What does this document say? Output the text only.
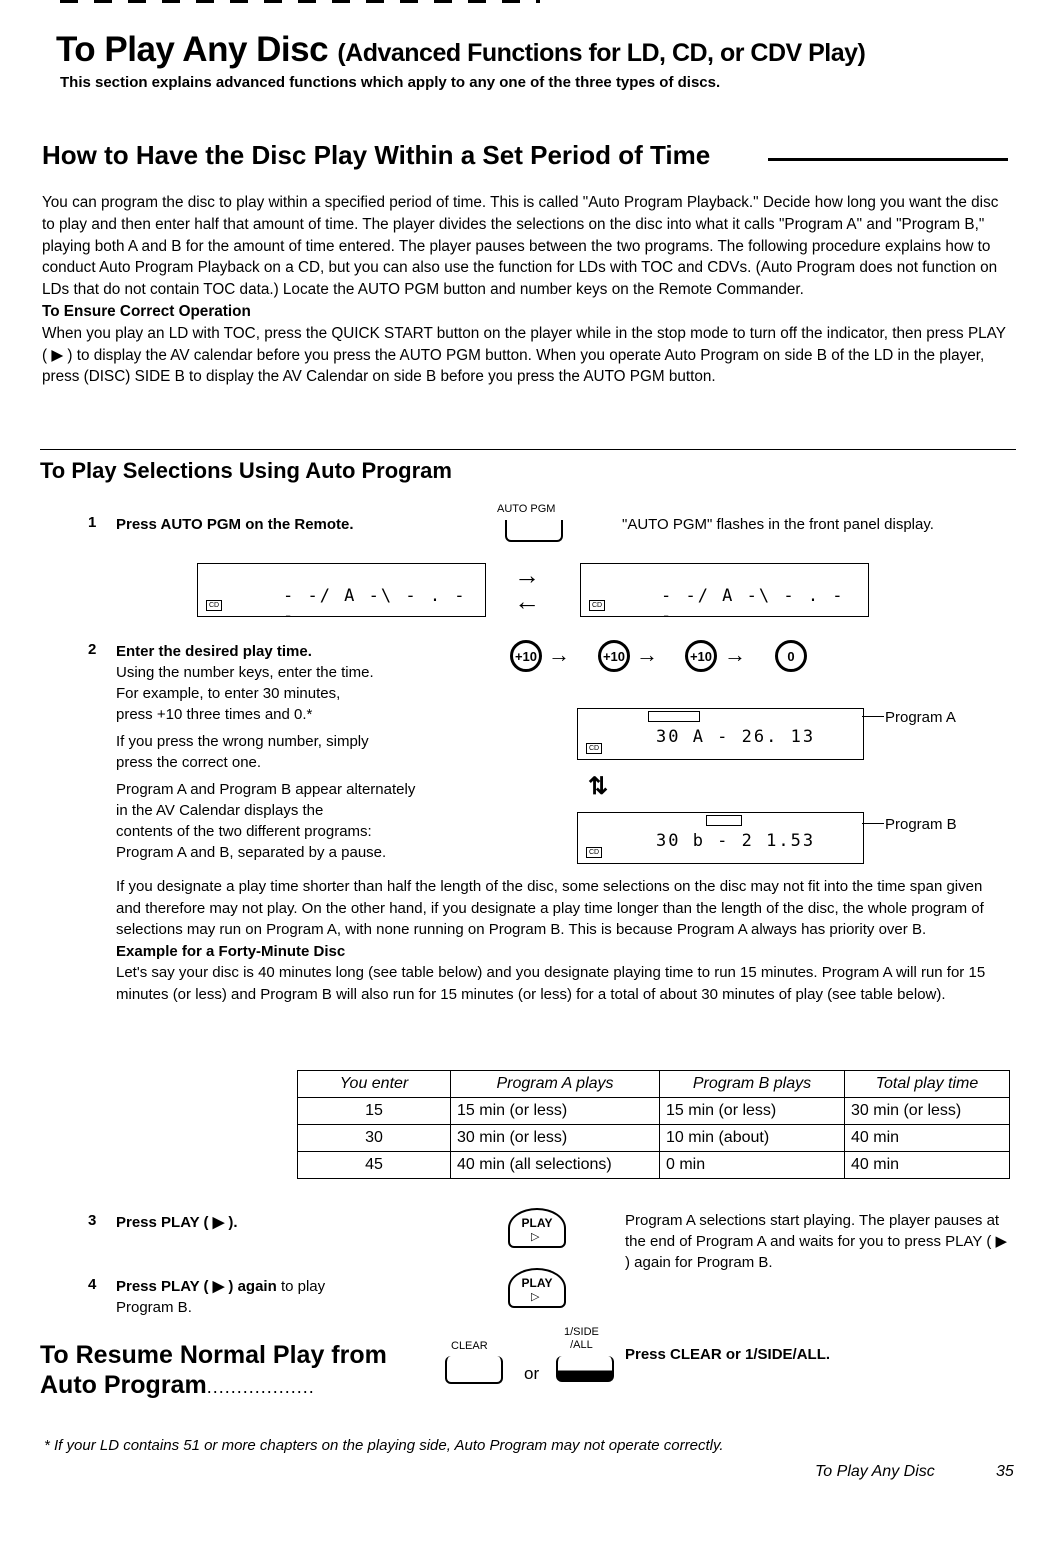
To Play Any Disc (Advanced Functions for LD, CD, or CDV Play)
This section explains advanced functions which apply to any one of the three types of discs.
How to Have the Disc Play Within a Set Period of Time
You can program the disc to play within a specified period of time. This is called "Auto Program Playback." Decide how long you want the disc to play and then enter half that amount of time. The player divides the selections on the disc into what it calls "Program A" and "Program B," playing both A and B for the amount of time entered. The player pauses between the two programs. The following procedure explains how to conduct Auto Program Playback on a CD, but you can also use the function for LDs with TOC and CDVs. (Auto Program does not function on LDs that do not contain TOC data.) Locate the AUTO PGM button and number keys on the Remote Commander.
To Ensure Correct Operation
When you play an LD with TOC, press the QUICK START button on the player while in the stop mode to turn off the indicator, then press PLAY ( ▶ ) to display the AV calendar before you press the AUTO PGM button. When you operate Auto Program on side B of the LD in the player, press (DISC) SIDE B to display the AV Calendar on side B before you press the AUTO PGM button.
To Play Selections Using Auto Program
1 Press AUTO PGM on the Remote.
AUTO PGM
"AUTO PGM" flashes in the front panel display.
- -/ A -\ - . - -
CD
→
←	- -/ A -\ - . - -
CD
2 Enter the desired play time.
Using the number keys, enter the time.
For example, to enter 30 minutes,
press +10 three times and 0.*
If you press the wrong number, simply
press the correct one.
Program A and Program B appear alternately
in the AV Calendar displays the
contents of the two different programs:
Program A and B, separated by a pause.
+10 →	+10 →	+10 →	0
30 A - 26. 13
CD
Program A
⇅
30 b - 2 1.53
CD
Program B
If you designate a play time shorter than half the length of the disc, some selections on the disc may not fit into the time span given and therefore may not play. On the other hand, if you designate a play time longer than the length of the disc, the whole program of selections may run on Program A, with none running on Program B. This is because Program A always has priority over B.
Example for a Forty-Minute Disc
Let's say your disc is 40 minutes long (see table below) and you designate playing time to run 15 minutes. Program A will run for 15 minutes (or less) and Program B will also run for 15 minutes (or less) for a total of about 30 minutes of play (see table below).
You enter	Program A plays	Program B plays	Total play time
15	15 min (or less)	15 min (or less)	30 min (or less)
30	30 min (or less)	10 min (about)	40 min
45	40 min (all selections)	0 min	40 min
3 Press PLAY ( ▶ ).	PLAY
▷
Program A selections start playing. The player pauses at the end of Program A and waits for you to press PLAY ( ▶ ) again for Program B.
4 Press PLAY ( ▶ ) again to play
Program B.
PLAY
▷
To Resume Normal Play from
Auto Program..................
CLEAR
or
1/SIDE
/ALL
Press CLEAR or 1/SIDE/ALL.
* If your LD contains 51 or more chapters on the playing side, Auto Program may not operate correctly.
To Play Any Disc	35
